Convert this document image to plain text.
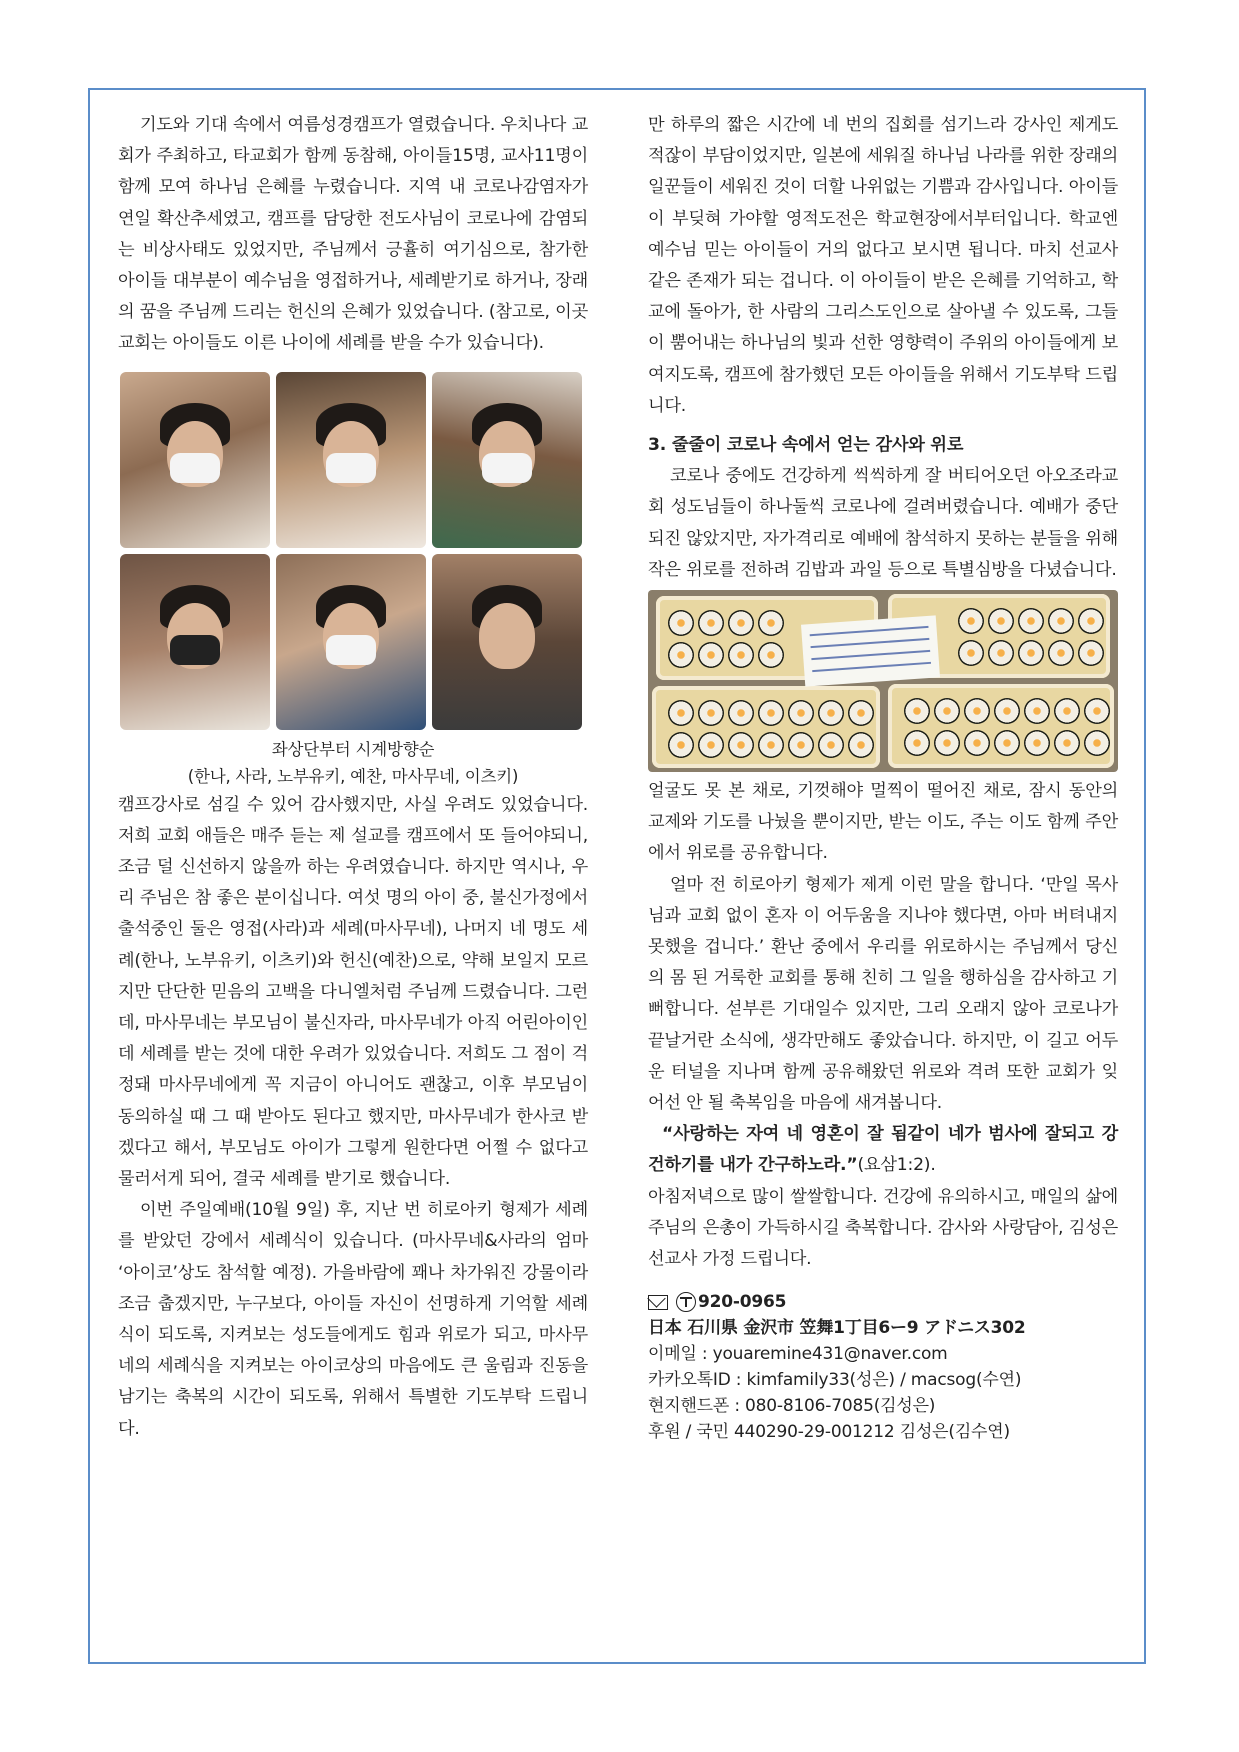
기도와 기대 속에서 여름성경캠프가 열렸습니다. 우치나다 교회가 주최하고, 타교회가 함께 동참해, 아이들15명, 교사11명이 함께 모여 하나님 은혜를 누렸습니다. 지역 내 코로나감염자가 연일 확산추세였고, 캠프를 담당한 전도사님이 코로나에 감염되는 비상사태도 있었지만, 주님께서 긍휼히 여기심으로, 참가한 아이들 대부분이 예수님을 영접하거나, 세례받기로 하거나, 장래의 꿈을 주님께 드리는 헌신의 은혜가 있었습니다. (참고로, 이곳 교회는 아이들도 이른 나이에 세례를 받을 수가 있습니다).

좌상단부터 시계방향순
(한나, 사라, 노부유키, 예찬, 마사무네, 이츠키)

캠프강사로 섬길 수 있어 감사했지만, 사실 우려도 있었습니다. 저희 교회 애들은 매주 듣는 제 설교를 캠프에서 또 들어야되니, 조금 덜 신선하지 않을까 하는 우려였습니다. 하지만 역시나, 우리 주님은 참 좋은 분이십니다. 여섯 명의 아이 중, 불신가정에서 출석중인 둘은 영접(사라)과 세례(마사무네), 나머지 네 명도 세례(한나, 노부유키, 이츠키)와 헌신(예찬)으로, 약해 보일지 모르지만 단단한 믿음의 고백을 다니엘처럼 주님께 드렸습니다. 그런데, 마사무네는 부모님이 불신자라, 마사무네가 아직 어린아이인데 세례를 받는 것에 대한 우려가 있었습니다. 저희도 그 점이 걱정돼 마사무네에게 꼭 지금이 아니어도 괜찮고, 이후 부모님이 동의하실 때 그 때 받아도 된다고 했지만, 마사무네가 한사코 받겠다고 해서, 부모님도 아이가 그렇게 원한다면 어쩔 수 없다고 물러서게 되어, 결국 세례를 받기로 했습니다.

이번 주일예배(10월 9일) 후, 지난 번 히로아키 형제가 세례를 받았던 강에서 세례식이 있습니다. (마사무네&사라의 엄마 ‘아이코’상도 참석할 예정). 가을바람에 꽤나 차가워진 강물이라 조금 춥겠지만, 누구보다, 아이들 자신이 선명하게 기억할 세례식이 되도록, 지켜보는 성도들에게도 힘과 위로가 되고, 마사무네의 세례식을 지켜보는 아이코상의 마음에도 큰 울림과 진동을 남기는 축복의 시간이 되도록, 위해서 특별한 기도부탁 드립니다.

만 하루의 짧은 시간에 네 번의 집회를 섬기느라 강사인 제게도 적잖이 부담이었지만, 일본에 세워질 하나님 나라를 위한 장래의 일꾼들이 세워진 것이 더할 나위없는 기쁨과 감사입니다. 아이들이 부딪혀 가야할 영적도전은 학교현장에서부터입니다. 학교엔 예수님 믿는 아이들이 거의 없다고 보시면 됩니다. 마치 선교사같은 존재가 되는 겁니다. 이 아이들이 받은 은혜를 기억하고, 학교에 돌아가, 한 사람의 그리스도인으로 살아낼 수 있도록, 그들이 뿜어내는 하나님의 빛과 선한 영향력이 주위의 아이들에게 보여지도록, 캠프에 참가했던 모든 아이들을 위해서 기도부탁 드립니다.

3. 줄줄이 코로나 속에서 얻는 감사와 위로

코로나 중에도 건강하게 씩씩하게 잘 버티어오던 아오조라교회 성도님들이 하나둘씩 코로나에 걸려버렸습니다. 예배가 중단되진 않았지만, 자가격리로 예배에 참석하지 못하는 분들을 위해 작은 위로를 전하려 김밥과 과일 등으로 특별심방을 다녔습니다.

얼굴도 못 본 채로, 기껏해야 멀찍이 떨어진 채로, 잠시 동안의 교제와 기도를 나눴을 뿐이지만, 받는 이도, 주는 이도 함께 주안에서 위로를 공유합니다.

얼마 전 히로아키 형제가 제게 이런 말을 합니다. ‘만일 목사님과 교회 없이 혼자 이 어두움을 지나야 했다면, 아마 버텨내지 못했을 겁니다.’ 환난 중에서 우리를 위로하시는 주님께서 당신의 몸 된 거룩한 교회를 통해 친히 그 일을 행하심을 감사하고 기뻐합니다. 섣부른 기대일수 있지만, 그리 오래지 않아 코로나가 끝날거란 소식에, 생각만해도 좋았습니다. 하지만, 이 길고 어두운 터널을 지나며 함께 공유해왔던 위로와 격려 또한 교회가 잊어선 안 될 축복임을 마음에 새겨봅니다.

“사랑하는 자여 네 영혼이 잘 됨같이 네가 범사에 잘되고 강건하기를 내가 간구하노라.”(요삼1:2).

아침저녁으로 많이 쌀쌀합니다. 건강에 유의하시고, 매일의 삶에 주님의 은총이 가득하시길 축복합니다. 감사와 사랑담아, 김성은 선교사 가정 드립니다.

920-0965
日本 石川県 金沢市 笠舞1丁目6ー9 アドニス302
이메일 : youaremine431@naver.com
카카오톡ID : kimfamily33(성은) / macsog(수연)
현지핸드폰 : 080-8106-7085(김성은)
후원 / 국민 440290-29-001212 김성은(김수연)
